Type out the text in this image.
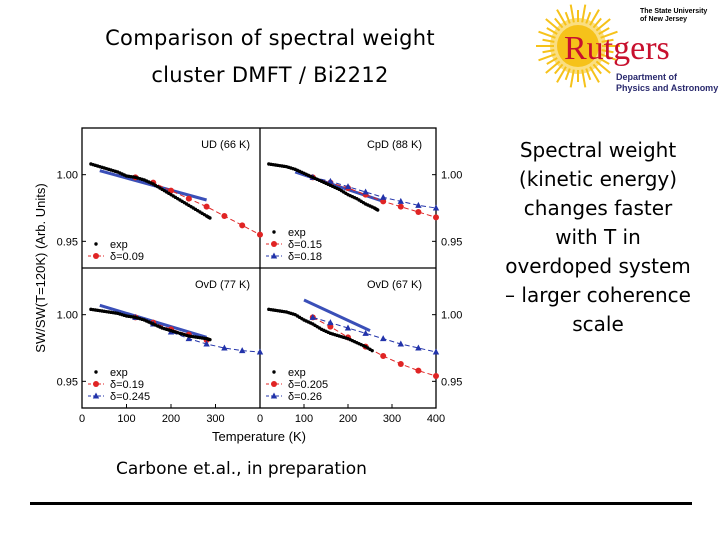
Comparison of spectral weight
cluster DMFT / Bi2212
The State University
of New Jersey
Rutgers
Department of
Physics and Astronomy
Spectral weight
(kinetic energy)
changes faster
with T in
overdoped system
– larger coherence
scale
0.95	0.95
1.00	1.00
0.95	0.95
1.00	1.00
0	100 200 300	0	100 200 300 400
Temperature (K)
SW/SW(T=120K) (Arb. Units)
UD (66 K)
exp
δ=0.09
CpD (88 K)
exp
δ=0.15
δ=0.18
OvD (77 K)
exp
δ=0.19
δ=0.245
OvD (67 K)
exp
δ=0.205
δ=0.26
Carbone et.al., in preparation
